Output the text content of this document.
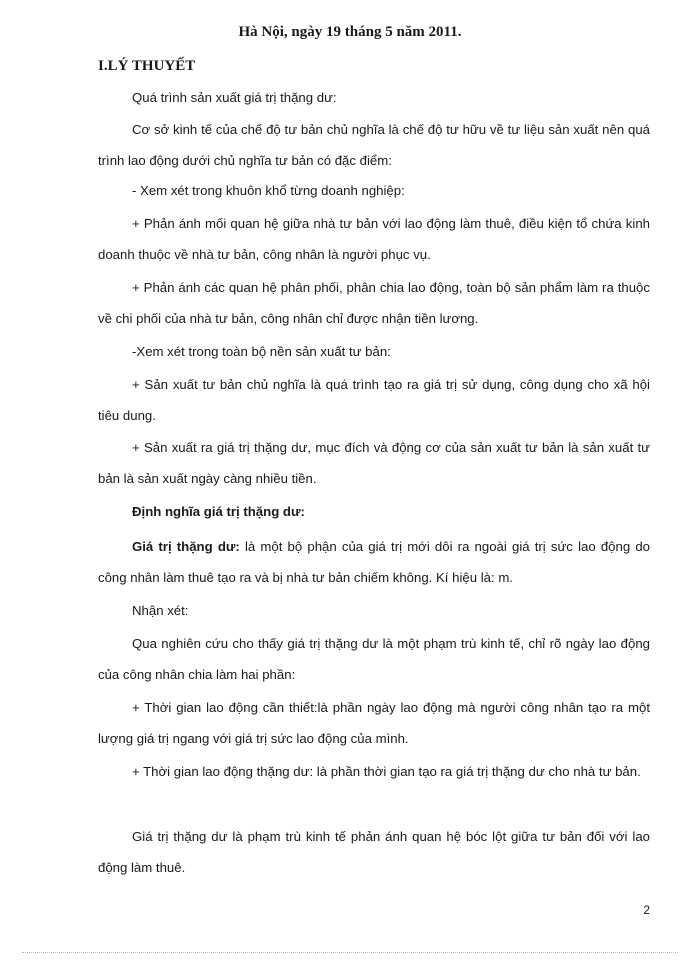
Hà Nội, ngày 19 tháng 5 năm 2011.
I.LÝ THUYẾT

Quá trình sản xuất giá trị thặng dư:

Cơ sở kinh tế của chế độ tư bản chủ nghĩa là chế độ tư hữu về tư liệu sản xuất nên quá trình lao động dưới chủ nghĩa tư bản có đặc điểm:

- Xem xét trong khuôn khổ từng doanh nghiệp:

+ Phản ánh mối quan hệ giữa nhà tư bản với lao động làm thuê, điều kiện tổ chứa kinh doanh thuộc về nhà tư bản, công nhân là người phục vụ.

+ Phản ánh các quan hệ phân phối, phân chia lao động, toàn bộ sản phẩm làm ra thuộc về chi phối của nhà tư bản, công nhân chỉ được nhận tiền lương.

-Xem xét trong toàn bộ nền sản xuất tư bản:

+ Sản xuất tư bản chủ nghĩa là quá trình tạo ra giá trị sử dụng, công dụng cho xã hội tiêu dung.

+ Sản xuất ra giá trị thặng dư, mục đích và động cơ của sản xuất tư bản là sản xuất tư bản là sản xuất ngày càng nhiều tiền.

Định nghĩa giá trị thặng dư:

Giá trị thặng dư: là một bộ phận của giá trị mới dôi ra ngoài giá trị sức lao động do công nhân làm thuê tạo ra và bị nhà tư bản chiếm không. Kí hiệu là: m.

Nhận xét:

Qua nghiên cứu cho thấy giá trị thặng dư là một phạm trù kinh tế, chỉ rõ ngày lao động của công nhân chia làm hai phần:

+ Thời gian lao động cần thiết:là phần ngày lao động mà người công nhân tạo ra một lượng giá trị ngang với giá trị sức lao động của mình.

+ Thời gian lao động thặng dư: là phần thời gian tạo ra giá trị thặng dư cho nhà tư bản.

Giá trị thặng dư là phạm trù kinh tế phản ánh quan hệ bóc lột giữa tư bản đối với lao động làm thuê.

2
